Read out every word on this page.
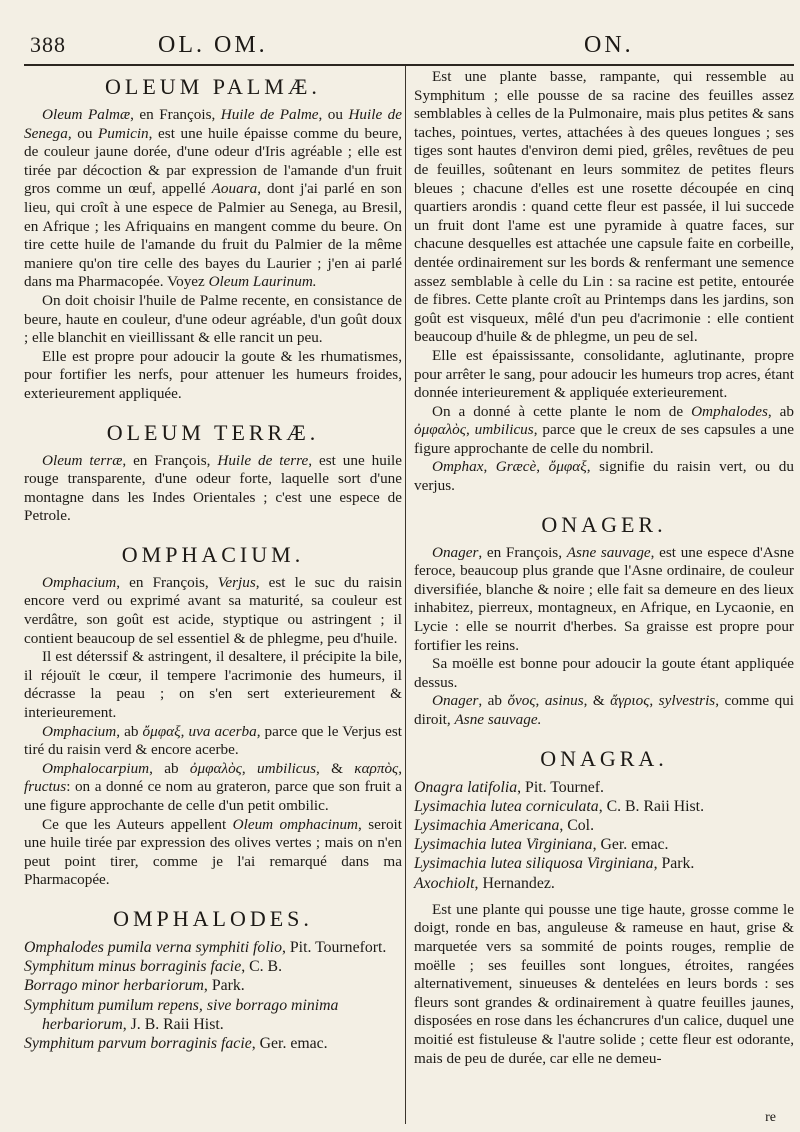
388	OL. OM.	ON.
OLEUM PALMÆ.

Oleum Palmæ, en François, Huile de Palme, ou Huile de Senega, ou Pumicin, est une huile épaisse comme du beure, de couleur jaune dorée, d'une odeur d'Iris agréable ; elle est tirée par décoction & par expression de l'amande d'un fruit gros comme un œuf, appellé Aouara, dont j'ai parlé en son lieu, qui croît à une espece de Palmier au Senega, au Bresil, en Afrique ; les Afriquains en mangent comme du beure. On tire cette huile de l'amande du fruit du Palmier de la même maniere qu'on tire celle des bayes du Laurier ; j'en ai parlé dans ma Pharmacopée. Voyez Oleum Laurinum.

On doit choisir l'huile de Palme recente, en consistance de beure, haute en couleur, d'une odeur agréable, d'un goût doux ; elle blanchit en vieillissant & elle rancit un peu.

Elle est propre pour adoucir la goute & les rhumatismes, pour fortifier les nerfs, pour attenuer les humeurs froides, exterieurement appliquée.

OLEUM TERRÆ.

Oleum terræ, en François, Huile de terre, est une huile rouge transparente, d'une odeur forte, laquelle sort d'une montagne dans les Indes Orientales ; c'est une espece de Petrole.

OMPHACIUM.

Omphacium, en François, Verjus, est le suc du raisin encore verd ou exprimé avant sa maturité, sa couleur est verdâtre, son goût est acide, styptique ou astringent ; il contient beaucoup de sel essentiel & de phlegme, peu d'huile.

Il est déterssif & astringent, il desaltere, il précipite la bile, il réjouït le cœur, il tempere l'acrimonie des humeurs, il décrasse la peau ; on s'en sert exterieurement & interieurement.

Omphacium, ab ὄμφαξ, uva acerba, parce que le Verjus est tiré du raisin verd & encore acerbe.

Omphalocarpium, ab ὀμφαλὸς, umbilicus, & καρπὸς, fructus: on a donné ce nom au grateron, parce que son fruit a une figure approchante de celle d'un petit ombilic.

Ce que les Auteurs appellent Oleum omphacinum, seroit une huile tirée par expression des olives vertes ; mais on n'en peut point tirer, comme je l'ai remarqué dans ma Pharmacopée.

OMPHALODES.
Omphalodes pumila verna symphiti folio, Pit. Tournefort.
Symphitum minus borraginis facie, C. B.
Borrago minor herbariorum, Park.
Symphitum pumilum repens, sive borrago minima herbariorum, J. B. Raii Hist.
Symphitum parvum borraginis facie, Ger. emac.

Est une plante basse, rampante, qui ressemble au Symphitum ; elle pousse de sa racine des feuilles assez semblables à celles de la Pulmonaire, mais plus petites & sans taches, pointues, vertes, attachées à des queues longues ; ses tiges sont hautes d'environ demi pied, grêles, revêtues de peu de feuilles, soûtenant en leurs sommitez de petites fleurs bleues ; chacune d'elles est une rosette découpée en cinq quartiers arondis : quand cette fleur est passée, il lui succede un fruit dont l'ame est une pyramide à quatre faces, sur chacune desquelles est attachée une capsule faite en corbeille, dentée ordinairement sur les bords & renfermant une semence assez semblable à celle du Lin : sa racine est petite, entourée de fibres. Cette plante croît au Printemps dans les jardins, son goût est visqueux, mêlé d'un peu d'acrimonie : elle contient beaucoup d'huile & de phlegme, un peu de sel.

Elle est épaississante, consolidante, aglutinante, propre pour arrêter le sang, pour adoucir les humeurs trop acres, étant donnée interieurement & appliquée exterieurement.

On a donné à cette plante le nom de Omphalodes, ab ὀμφαλὸς, umbilicus, parce que le creux de ses capsules a une figure approchante de celle du nombril.

Omphax, Græcè, ὄμφαξ, signifie du raisin vert, ou du verjus.

ONAGER.

Onager, en François, Asne sauvage, est une espece d'Asne feroce, beaucoup plus grande que l'Asne ordinaire, de couleur diversifiée, blanche & noire ; elle fait sa demeure en des lieux inhabitez, pierreux, montagneux, en Afrique, en Lycaonie, en Lycie : elle se nourrit d'herbes. Sa graisse est propre pour fortifier les reins.

Sa moëlle est bonne pour adoucir la goute étant appliquée dessus.

Onager, ab ὄνος, asinus, & ἄγριος, sylvestris, comme qui diroit, Asne sauvage.

ONAGRA.
Onagra latifolia, Pit. Tournef.
Lysimachia lutea corniculata, C. B. Raii Hist.
Lysimachia Americana, Col.
Lysimachia lutea Virginiana, Ger. emac.
Lysimachia lutea siliquosa Virginiana, Park.
Axochiolt, Hernandez.

Est une plante qui pousse une tige haute, grosse comme le doigt, ronde en bas, anguleuse & rameuse en haut, grise & marquetée vers sa sommité de points rouges, remplie de moëlle ; ses feuilles sont longues, étroites, rangées alternativement, sinueuses & dentelées en leurs bords : ses fleurs sont grandes & ordinairement à quatre feuilles jaunes, disposées en rose dans les échancrures d'un calice, duquel une moitié est fistuleuse & l'autre solide ; cette fleur est odorante, mais de peu de durée, car elle ne demeu-

re
